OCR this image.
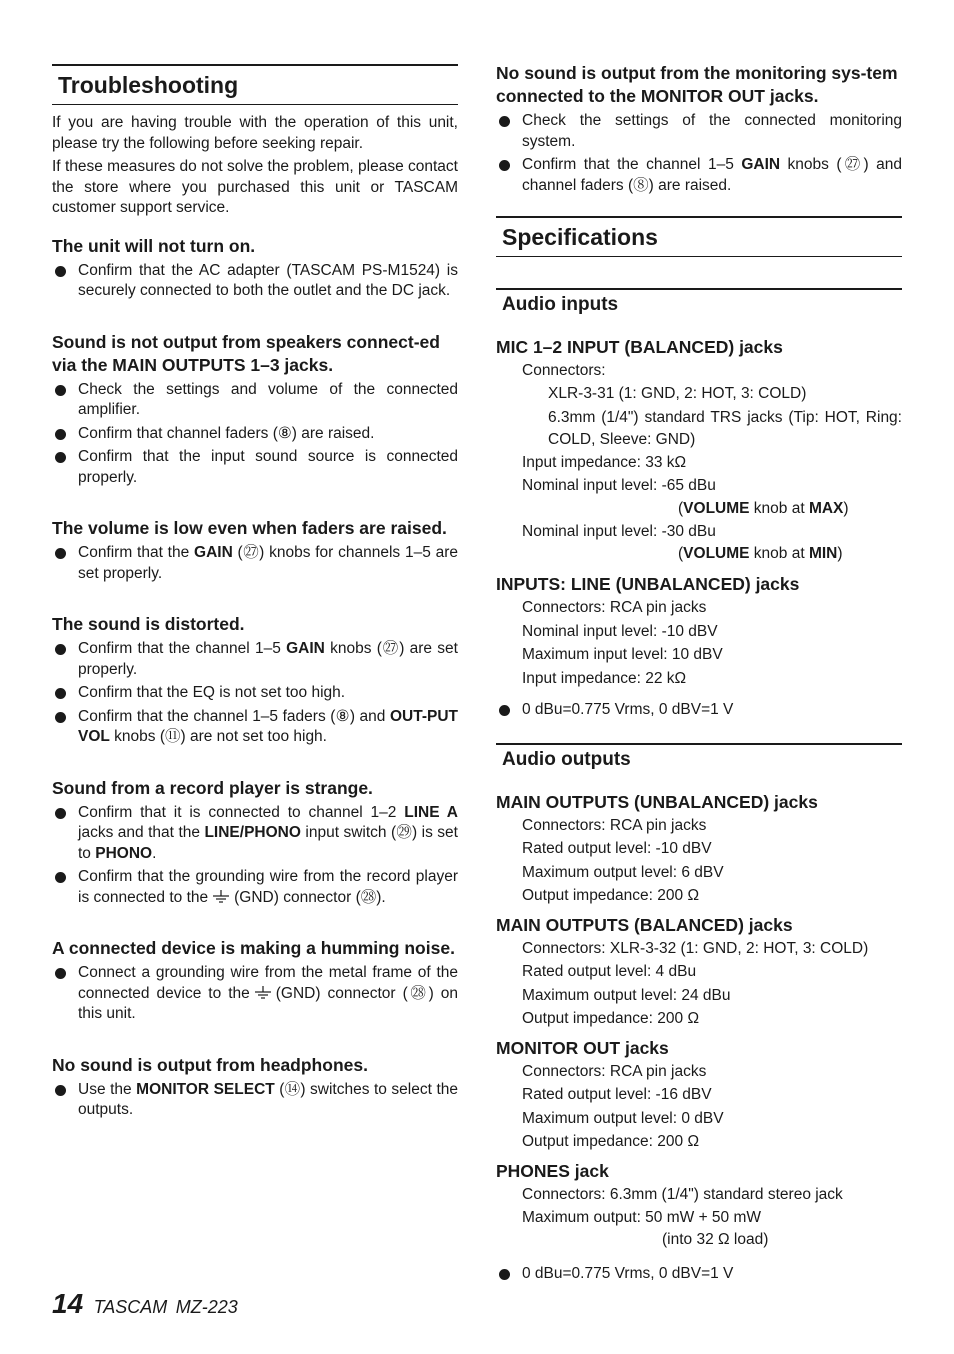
Troubleshooting

If you are having trouble with the operation of this unit, please try the following before seeking repair.

If these measures do not solve the problem, please contact the store where you purchased this unit or TASCAM customer support service.

The unit will not turn on.
Confirm that the AC adapter (TASCAM PS-M1524) is securely connected to both the outlet and the DC jack.
Sound is not output from speakers connect-ed via the MAIN OUTPUTS 1–3 jacks.
Check the settings and volume of the connected amplifier.
Confirm that channel faders (⑧) are raised.
Confirm that the input sound source is connected properly.
The volume is low even when faders are raised.
Confirm that the GAIN (㉗) knobs for channels 1–5 are set properly.
The sound is distorted.
Confirm that the channel 1–5 GAIN knobs (㉗) are set properly.
Confirm that the EQ is not set too high.
Confirm that the channel 1–5 faders (⑧) and OUT-PUT VOL knobs (⑪) are not set too high.
Sound from a record player is strange.
Confirm that it is connected to channel 1–2 LINE A jacks and that the LINE/PHONO input switch (㉙) is set to PHONO.
Confirm that the grounding wire from the record player is connected to the (GND) connector (㉘).
A connected device is making a humming noise.
Connect a grounding wire from the metal frame of the connected device to the (GND) connector (㉘) on this unit.
No sound is output from headphones.
Use the MONITOR SELECT (⑭) switches to select the outputs.
No sound is output from the monitoring sys-tem connected to the MONITOR OUT jacks.
Check the settings of the connected monitoring system.
Confirm that the channel 1–5 GAIN knobs (㉗) and channel faders (⑧) are raised.
Specifications
Audio inputs
MIC 1–2 INPUT (BALANCED) jacks
Connectors:
XLR-3-31 (1: GND, 2: HOT, 3: COLD)
6.3mm (1/4") standard TRS jacks (Tip: HOT, Ring: COLD, Sleeve: GND)
Input impedance: 33 kΩ
Nominal input level: -65 dBu
(VOLUME knob at MAX)
Nominal input level: -30 dBu
(VOLUME knob at MIN)
INPUTS: LINE (UNBALANCED) jacks
Connectors: RCA pin jacks
Nominal input level: -10 dBV
Maximum input level: 10 dBV
Input impedance: 22 kΩ
0 dBu=0.775 Vrms, 0 dBV=1 V
Audio outputs
MAIN OUTPUTS (UNBALANCED) jacks
Connectors: RCA pin jacks
Rated output level: -10 dBV
Maximum output level: 6 dBV
Output impedance: 200 Ω
MAIN OUTPUTS (BALANCED) jacks
Connectors: XLR-3-32 (1: GND, 2: HOT, 3: COLD)
Rated output level: 4 dBu
Maximum output level: 24 dBu
Output impedance: 200 Ω
MONITOR OUT jacks
Connectors: RCA pin jacks
Rated output level: -16 dBV
Maximum output level: 0 dBV
Output impedance: 200 Ω
PHONES jack
Connectors: 6.3mm (1/4") standard stereo jack
Maximum output: 50 mW + 50 mW
(into 32 Ω load)
0 dBu=0.775 Vrms, 0 dBV=1 V
14 TASCAM MZ-223
